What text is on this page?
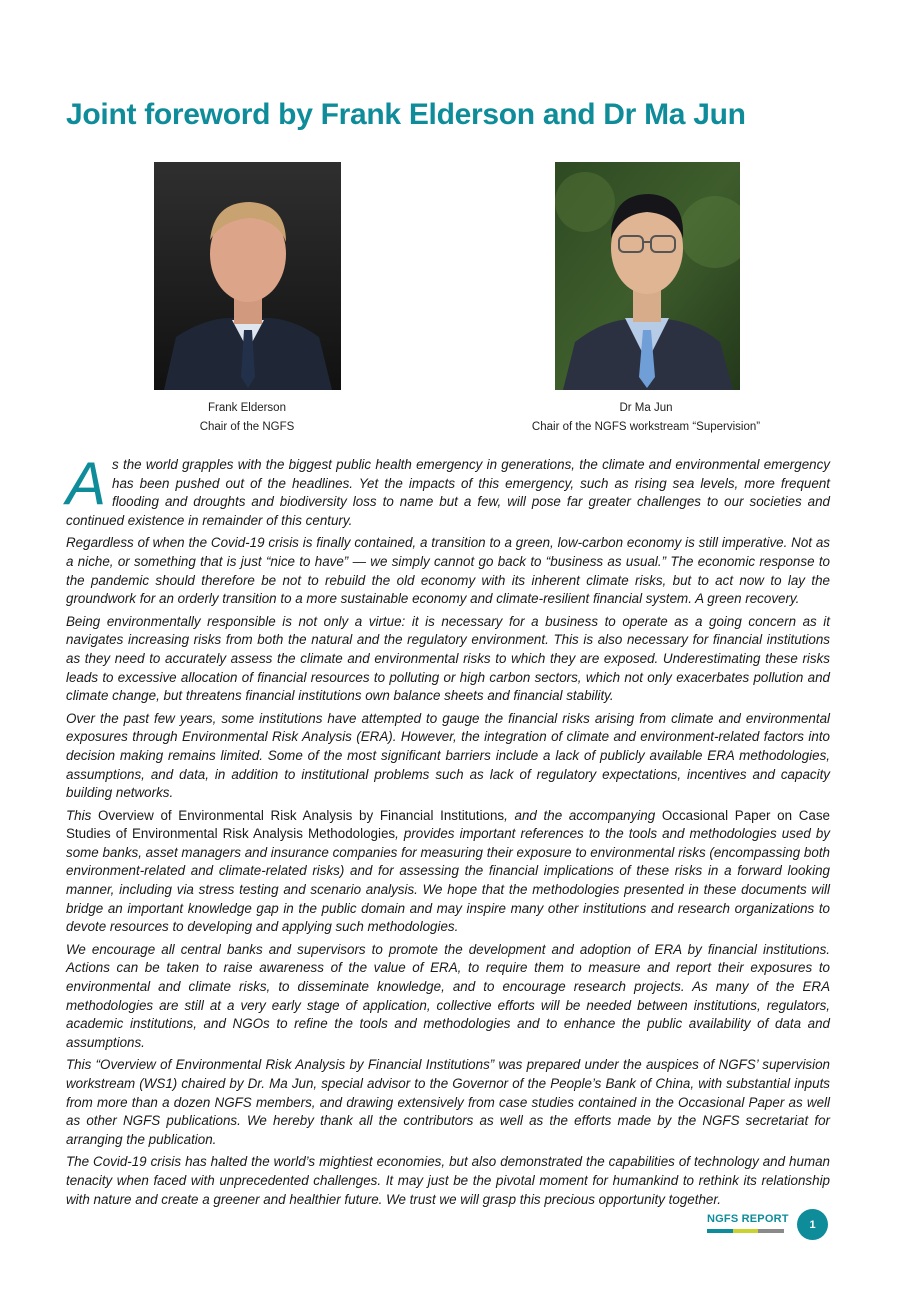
Joint foreword by Frank Elderson and Dr Ma Jun
Frank Elderson
Chair of the NGFS
Dr Ma Jun
Chair of the NGFS workstream “Supervision”

As the world grapples with the biggest public health emergency in generations, the climate and environmental emergency has been pushed out of the headlines. Yet the impacts of this emergency, such as rising sea levels, more frequent flooding and droughts and biodiversity loss to name but a few, will pose far greater challenges to our societies and continued existence in remainder of this century.

Regardless of when the Covid-19 crisis is finally contained, a transition to a green, low-carbon economy is still imperative. Not as a niche, or something that is just “nice to have” — we simply cannot go back to “business as usual.” The economic response to the pandemic should therefore be not to rebuild the old economy with its inherent climate risks, but to act now to lay the groundwork for an orderly transition to a more sustainable economy and climate-resilient financial system. A green recovery.

Being environmentally responsible is not only a virtue: it is necessary for a business to operate as a going concern as it navigates increasing risks from both the natural and the regulatory environment. This is also necessary for financial institutions as they need to accurately assess the climate and environmental risks to which they are exposed. Underestimating these risks leads to excessive allocation of financial resources to polluting or high carbon sectors, which not only exacerbates pollution and climate change, but threatens financial institutions own balance sheets and financial stability.

Over the past few years, some institutions have attempted to gauge the financial risks arising from climate and environmental exposures through Environmental Risk Analysis (ERA). However, the integration of climate and environment-related factors into decision making remains limited. Some of the most significant barriers include a lack of publicly available ERA methodologies, assumptions, and data, in addition to institutional problems such as lack of regulatory expectations, incentives and capacity building networks.

This Overview of Environmental Risk Analysis by Financial Institutions, and the accompanying Occasional Paper on Case Studies of Environmental Risk Analysis Methodologies, provides important references to the tools and methodologies used by some banks, asset managers and insurance companies for measuring their exposure to environmental risks (encompassing both environment-related and climate-related risks) and for assessing the financial implications of these risks in a forward looking manner, including via stress testing and scenario analysis. We hope that the methodologies presented in these documents will bridge an important knowledge gap in the public domain and may inspire many other institutions and research organizations to devote resources to developing and applying such methodologies.

We encourage all central banks and supervisors to promote the development and adoption of ERA by financial institutions. Actions can be taken to raise awareness of the value of ERA, to require them to measure and report their exposures to environmental and climate risks, to disseminate knowledge, and to encourage research projects. As many of the ERA methodologies are still at a very early stage of application, collective efforts will be needed between institutions, regulators, academic institutions, and NGOs to refine the tools and methodologies and to enhance the public availability of data and assumptions.

This “Overview of Environmental Risk Analysis by Financial Institutions” was prepared under the auspices of NGFS’ supervision workstream (WS1) chaired by Dr. Ma Jun, special advisor to the Governor of the People’s Bank of China, with substantial inputs from more than a dozen NGFS members, and drawing extensively from case studies contained in the Occasional Paper as well as other NGFS publications. We hereby thank all the contributors as well as the efforts made by the NGFS secretariat for arranging the publication.

The Covid-19 crisis has halted the world’s mightiest economies, but also demonstrated the capabilities of technology and human tenacity when faced with unprecedented challenges. It may just be the pivotal moment for humankind to rethink its relationship with nature and create a greener and healthier future. We trust we will grasp this precious opportunity together.

NGFS REPORT	1
